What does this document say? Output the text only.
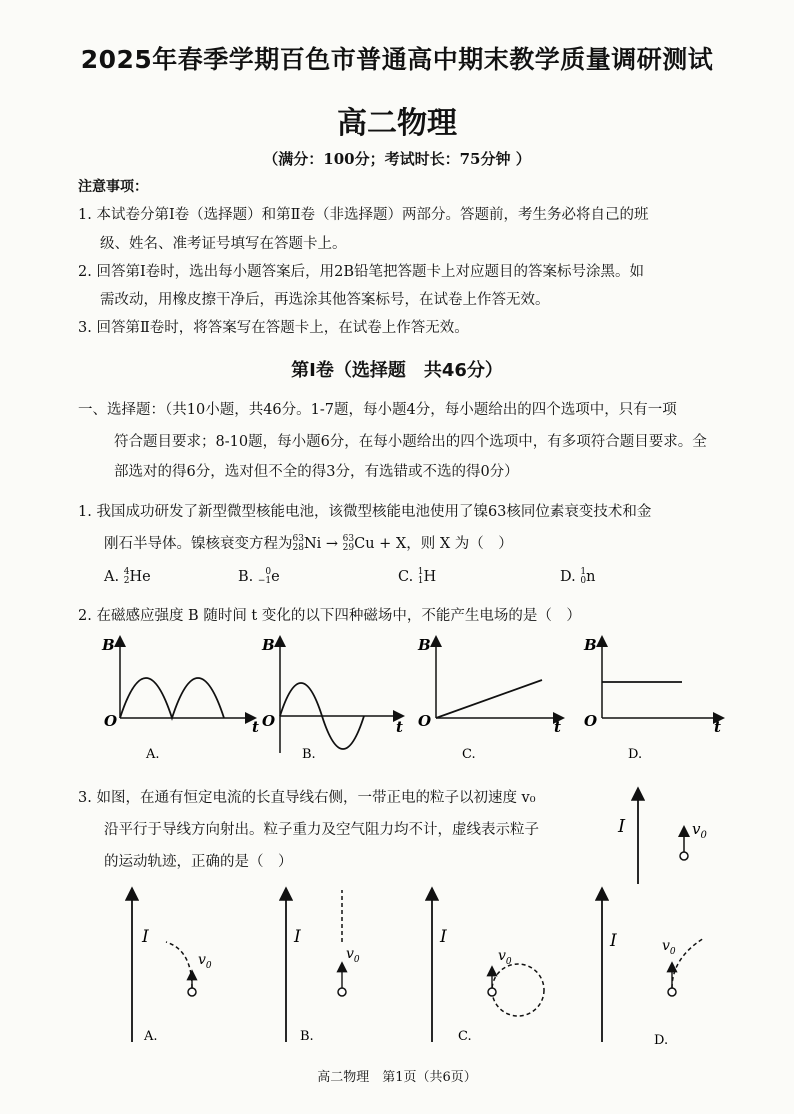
2025年春季学期百色市普通高中期末教学质量调研测试
高二物理
（满分：100分；考试时长：75分钟 ）
注意事项：
1. 本试卷分第Ⅰ卷（选择题）和第Ⅱ卷（非选择题）两部分。答题前，考生务必将自己的班
级、姓名、准考证号填写在答题卡上。
2. 回答第Ⅰ卷时，选出每小题答案后，用2B铅笔把答题卡上对应题目的答案标号涂黑。如
需改动，用橡皮擦干净后，再选涂其他答案标号，在试卷上作答无效。
3. 回答第Ⅱ卷时，将答案写在答题卡上，在试卷上作答无效。
第Ⅰ卷（选择题　共46分）
一、选择题：（共10小题，共46分。1-7题，每小题4分，每小题给出的四个选项中，只有一项
符合题目要求；8-10题，每小题6分，在每小题给出的四个选项中，有多项符合题目要求。全
部选对的得6分，选对但不全的得3分，有选错或不选的得0分）
1. 我国成功研发了新型微型核能电池，该微型核能电池使用了镍63核同位素衰变技术和金
刚石半导体。镍核衰变方程为 63
28 Ni → 63
29 Cu + X，则 X 为（　）
A. 4
2 He	B.	0
−1 e	C. 1
1 H	D. 1
0 n
2. 在磁感应强度 B 随时间 t 变化的以下四种磁场中，不能产生电场的是（　）
B
O	t
A.
B
O	t
B.
B
O	t
C.
B
O	t
D.
3. 如图，在通有恒定电流的长直导线右侧，一带正电的粒子以初速度 v₀
沿平行于导线方向射出。粒子重力及空气阻力均不计，虚线表示粒子
的运动轨迹，正确的是（　）
I	$v_0$
I
$v_0$
A.
I
$v_0$
B.
I
$v_0$
C.
I	$v_0$
D.
高二物理　第1页（共6页）
